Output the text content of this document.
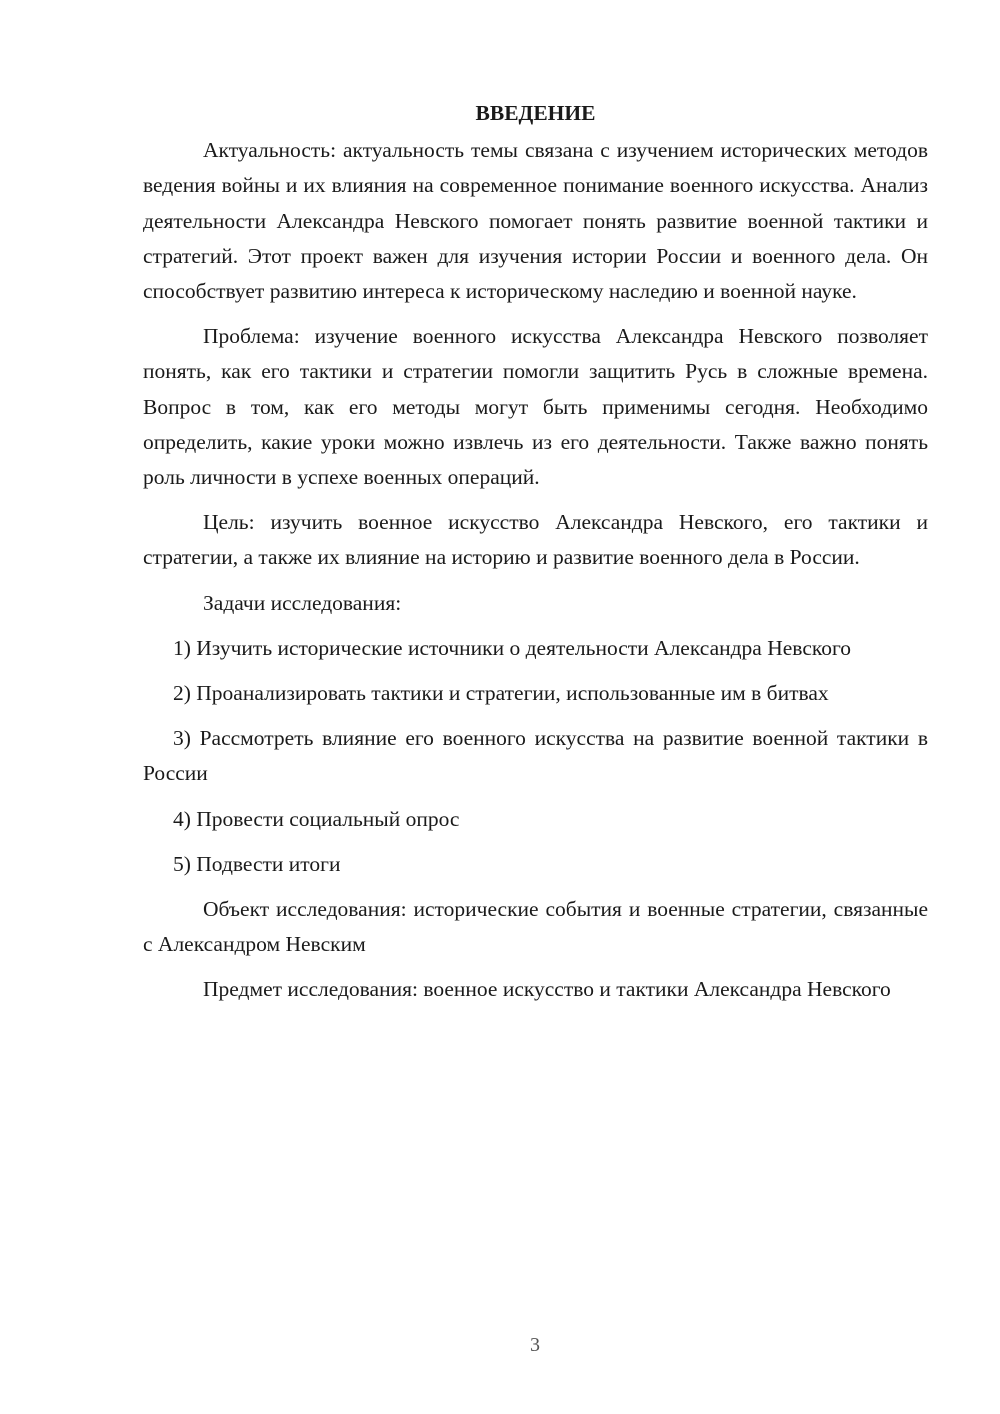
ВВЕДЕНИЕ

Актуальность: актуальность темы связана с изучением исторических методов ведения войны и их влияния на современное понимание военного искусства. Анализ деятельности Александра Невского помогает понять развитие военной тактики и стратегий. Этот проект важен для изучения истории России и военного дела. Он способствует развитию интереса к историческому наследию и военной науке.

Проблема: изучение военного искусства Александра Невского позволяет понять, как его тактики и стратегии помогли защитить Русь в сложные времена. Вопрос в том, как его методы могут быть применимы сегодня. Необходимо определить, какие уроки можно извлечь из его деятельности. Также важно понять роль личности в успехе военных операций.

Цель: изучить военное искусство Александра Невского, его тактики и стратегии, а также их влияние на историю и развитие военного дела в России.

Задачи исследования:

1) Изучить исторические источники о деятельности Александра Невского

2) Проанализировать тактики и стратегии, использованные им в битвах

3) Рассмотреть влияние его военного искусства на развитие военной тактики в России

4) Провести социальный опрос

5) Подвести итоги

Объект исследования: исторические события и военные стратегии, связанные с Александром Невским

Предмет исследования: военное искусство и тактики Александра Невского

3
